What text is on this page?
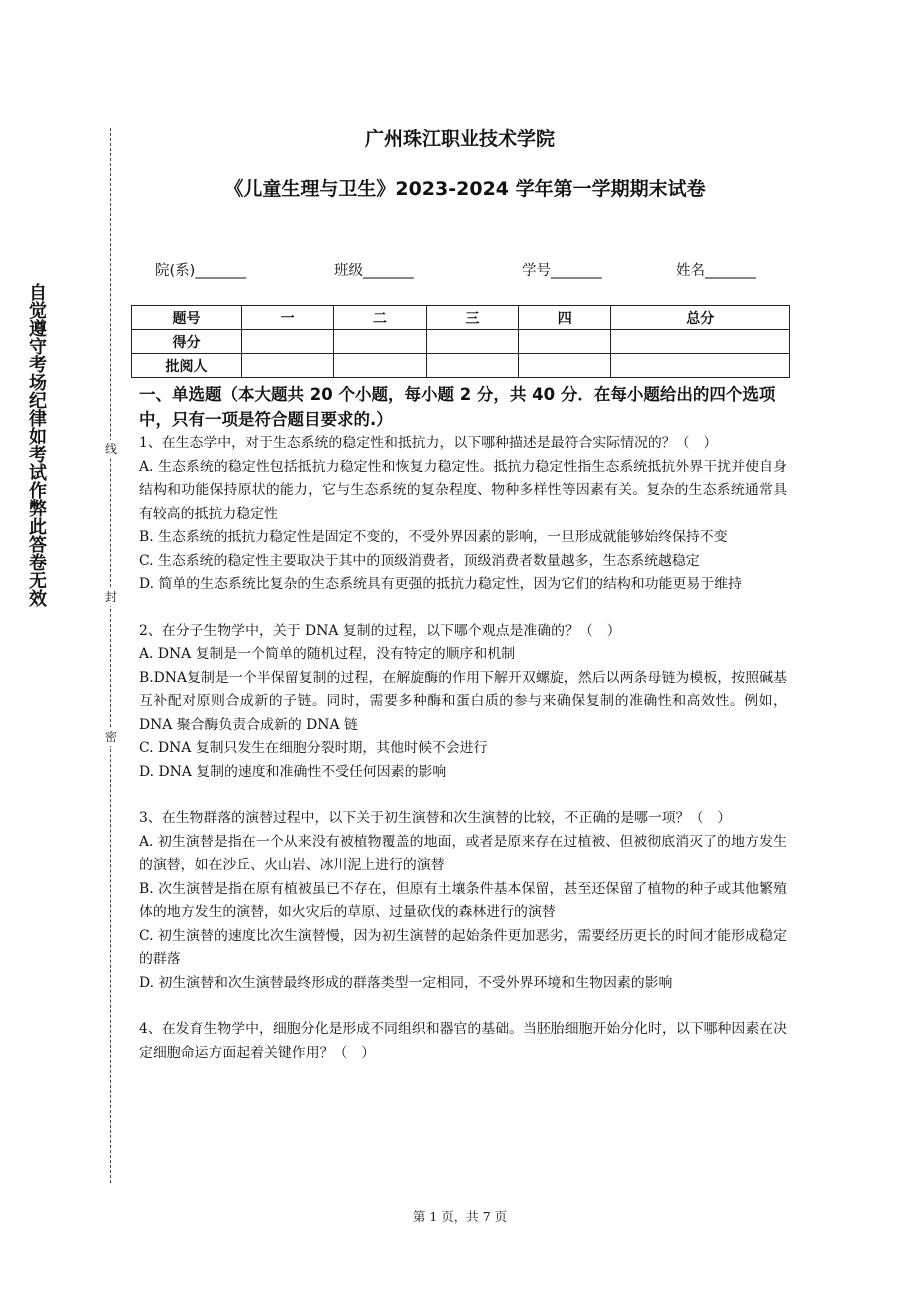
自觉遵守考场纪律如考试作弊此答卷无效	线
封
密
广州珠江职业技术学院
《儿童生理与卫生》2023-2024 学年第一学期期末试卷
院(系)_______	班级_______	学号_______	姓名_______
题号	一	二	三	四	总分
得分					
批阅人					

一、单选题（本大题共 20 个小题，每小题 2 分，共 40 分．在每小题给出的四个选项中，只有一项是符合题目要求的.）

1、在生态学中，对于生态系统的稳定性和抵抗力，以下哪种描述是最符合实际情况的？（　）

A. 生态系统的稳定性包括抵抗力稳定性和恢复力稳定性。抵抗力稳定性指生态系统抵抗外界干扰并使自身结构和功能保持原状的能力，它与生态系统的复杂程度、物种多样性等因素有关。复杂的生态系统通常具有较高的抵抗力稳定性

B. 生态系统的抵抗力稳定性是固定不变的，不受外界因素的影响，一旦形成就能够始终保持不变

C. 生态系统的稳定性主要取决于其中的顶级消费者，顶级消费者数量越多，生态系统越稳定

D. 简单的生态系统比复杂的生态系统具有更强的抵抗力稳定性，因为它们的结构和功能更易于维持

2、在分子生物学中，关于 DNA 复制的过程，以下哪个观点是准确的？（　）

A. DNA 复制是一个简单的随机过程，没有特定的顺序和机制

B.DNA复制是一个半保留复制的过程，在解旋酶的作用下解开双螺旋，然后以两条母链为模板，按照碱基互补配对原则合成新的子链。同时，需要多种酶和蛋白质的参与来确保复制的准确性和高效性。例如，DNA 聚合酶负责合成新的 DNA 链

C. DNA 复制只发生在细胞分裂时期，其他时候不会进行

D. DNA 复制的速度和准确性不受任何因素的影响

3、在生物群落的演替过程中，以下关于初生演替和次生演替的比较，不正确的是哪一项？（　）

A. 初生演替是指在一个从来没有被植物覆盖的地面，或者是原来存在过植被、但被彻底消灭了的地方发生的演替，如在沙丘、火山岩、冰川泥上进行的演替

B. 次生演替是指在原有植被虽已不存在，但原有土壤条件基本保留，甚至还保留了植物的种子或其他繁殖体的地方发生的演替，如火灾后的草原、过量砍伐的森林进行的演替

C. 初生演替的速度比次生演替慢，因为初生演替的起始条件更加恶劣，需要经历更长的时间才能形成稳定的群落

D. 初生演替和次生演替最终形成的群落类型一定相同，不受外界环境和生物因素的影响

4、在发育生物学中，细胞分化是形成不同组织和器官的基础。当胚胎细胞开始分化时，以下哪种因素在决定细胞命运方面起着关键作用？（　）

第 1 页，共 7 页
